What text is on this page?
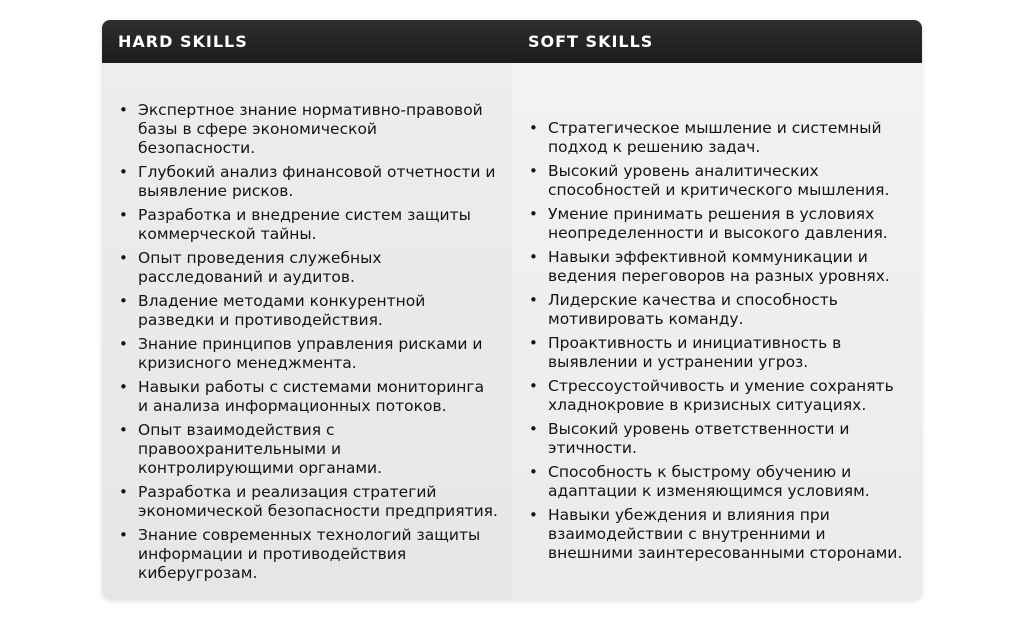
HARD SKILLS	SOFT SKILLS
• Экспертное знание нормативно-правовой базы в сфере экономической безопасности.
• Глубокий анализ финансовой отчетности и выявление рисков.
• Разработка и внедрение систем защиты коммерческой тайны.
• Опыт проведения служебных расследований и аудитов.
• Владение методами конкурентной разведки и противодействия.
• Знание принципов управления рисками и кризисного менеджмента.
• Навыки работы с системами мониторинга и анализа информационных потоков.
• Опыт взаимодействия с правоохранительными и контролирующими органами.
• Разработка и реализация стратегий экономической безопасности предприятия.
• Знание современных технологий защиты информации и противодействия киберугрозам.
• Стратегическое мышление и системный подход к решению задач.
• Высокий уровень аналитических способностей и критического мышления.
• Умение принимать решения в условиях неопределенности и высокого давления.
• Навыки эффективной коммуникации и ведения переговоров на разных уровнях.
• Лидерские качества и способность мотивировать команду.
• Проактивность и инициативность в выявлении и устранении угроз.
• Стрессоустойчивость и умение сохранять хладнокровие в кризисных ситуациях.
• Высокий уровень ответственности и этичности.
• Способность к быстрому обучению и адаптации к изменяющимся условиям.
• Навыки убеждения и влияния при взаимодействии с внутренними и внешними заинтересованными сторонами.
